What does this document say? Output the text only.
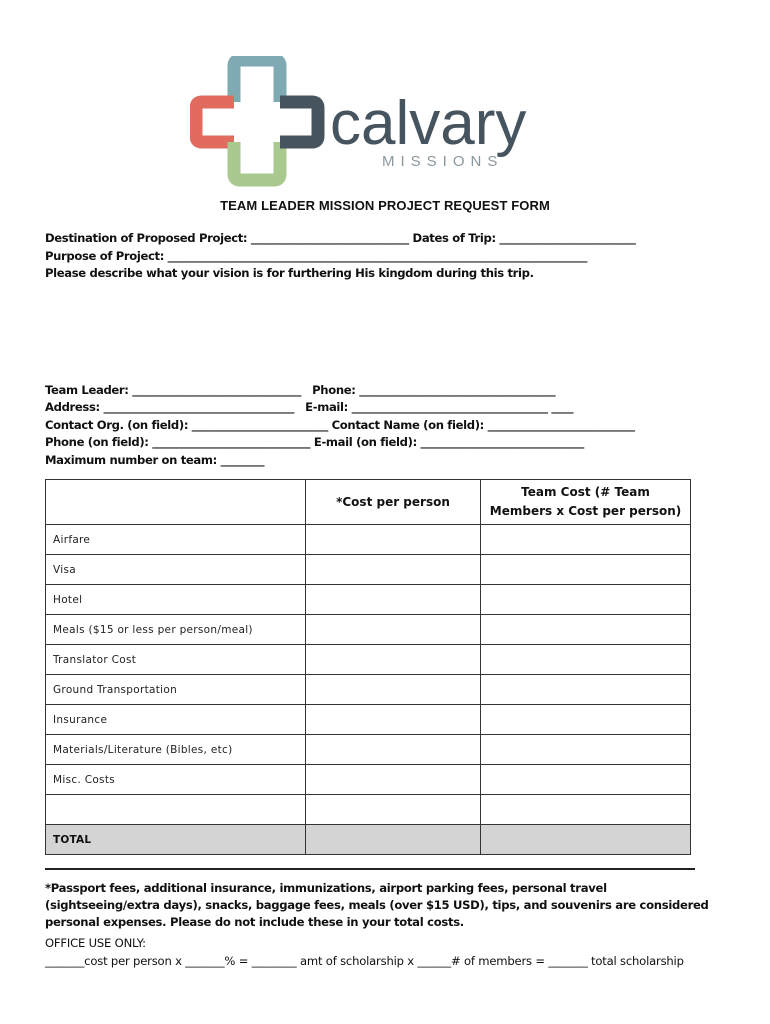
calvary
MISSIONS
TEAM LEADER MISSION PROJECT REQUEST FORM
Destination of Proposed Project: _____________________________ Dates of Trip: _________________________
Purpose of Project: _____________________________________________________________________________
Please describe what your vision is for furthering His kingdom during this trip.
Team Leader: _______________________________   Phone: ____________________________________
Address: ___________________________________   E-mail: ____________________________________ ____
Contact Org. (on field): _________________________ Contact Name (on field): ___________________________
Phone (on field): _____________________________ E-mail (on field): ______________________________
Maximum number on team: ________
	*Cost per person	Team Cost (# Team Members x Cost per person)
Airfare		
Visa		
Hotel		
Meals ($15 or less per person/meal)		
Translator Cost		
Ground Transportation		
Insurance		
Materials/Literature (Bibles, etc)		
Misc. Costs		

TOTAL		
*Passport fees, additional insurance, immunizations, airport parking fees, personal travel (sightseeing/extra days), snacks, baggage fees, meals (over $15 USD), tips, and souvenirs are considered personal expenses. Please do not include these in your total costs.
OFFICE USE ONLY:
_______cost per person x _______% = ________ amt of scholarship x ______# of members = _______ total scholarship
